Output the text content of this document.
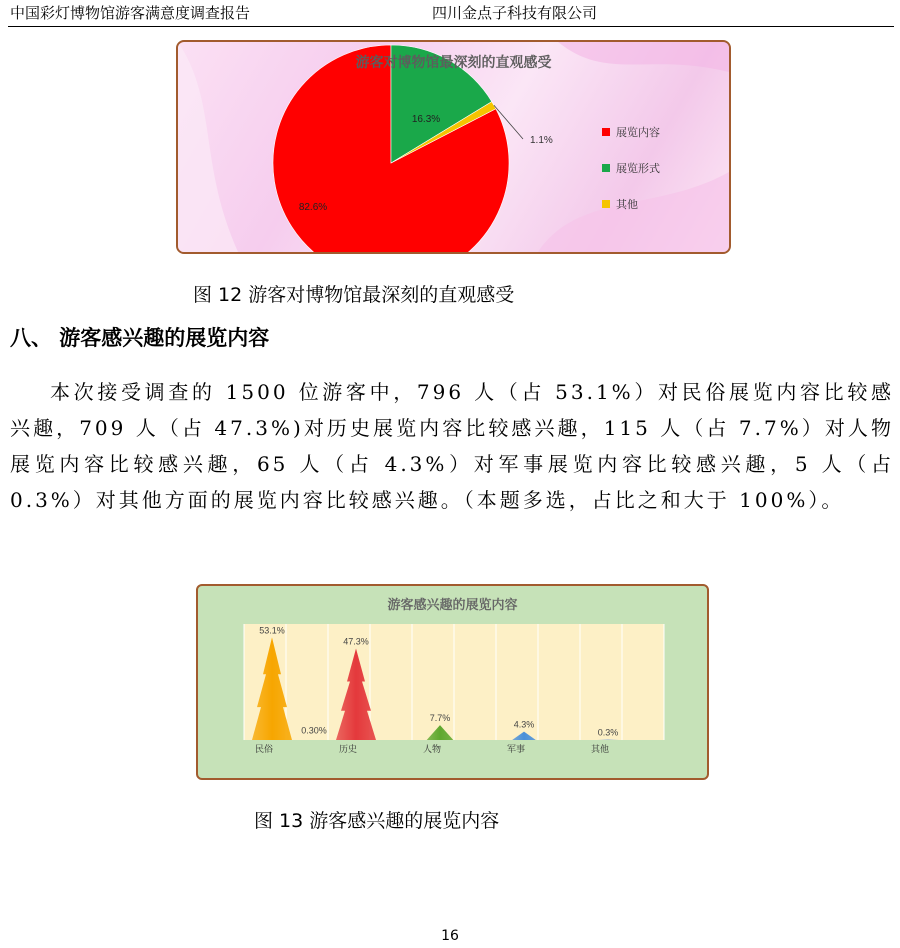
中国彩灯博物馆游客满意度调查报告	四川金点子科技有限公司
82.6%
16.3%
1.1%
游客对博物馆最深刻的直观感受
展览内容
展览形式
其他
图 12 游客对博物馆最深刻的直观感受
八、 游客感兴趣的展览内容
本次接受调查的 1500 位游客中，796 人（占 53.1%）对民俗展览内容比较感兴趣，709 人（占 47.3%)对历史展览内容比较感兴趣，115 人（占 7.7%）对人物展览内容比较感兴趣，65 人（占 4.3%）对军事展览内容比较感兴趣，5 人（占 0.3%）对其他方面的展览内容比较感兴趣。（本题多选，占比之和大于 100%）。
53.1%
民俗
47.3%
历史
7.7%
人物
4.3%
军事
0.3%
其他
0.30%
游客感兴趣的展览内容
图 13 游客感兴趣的展览内容
16
